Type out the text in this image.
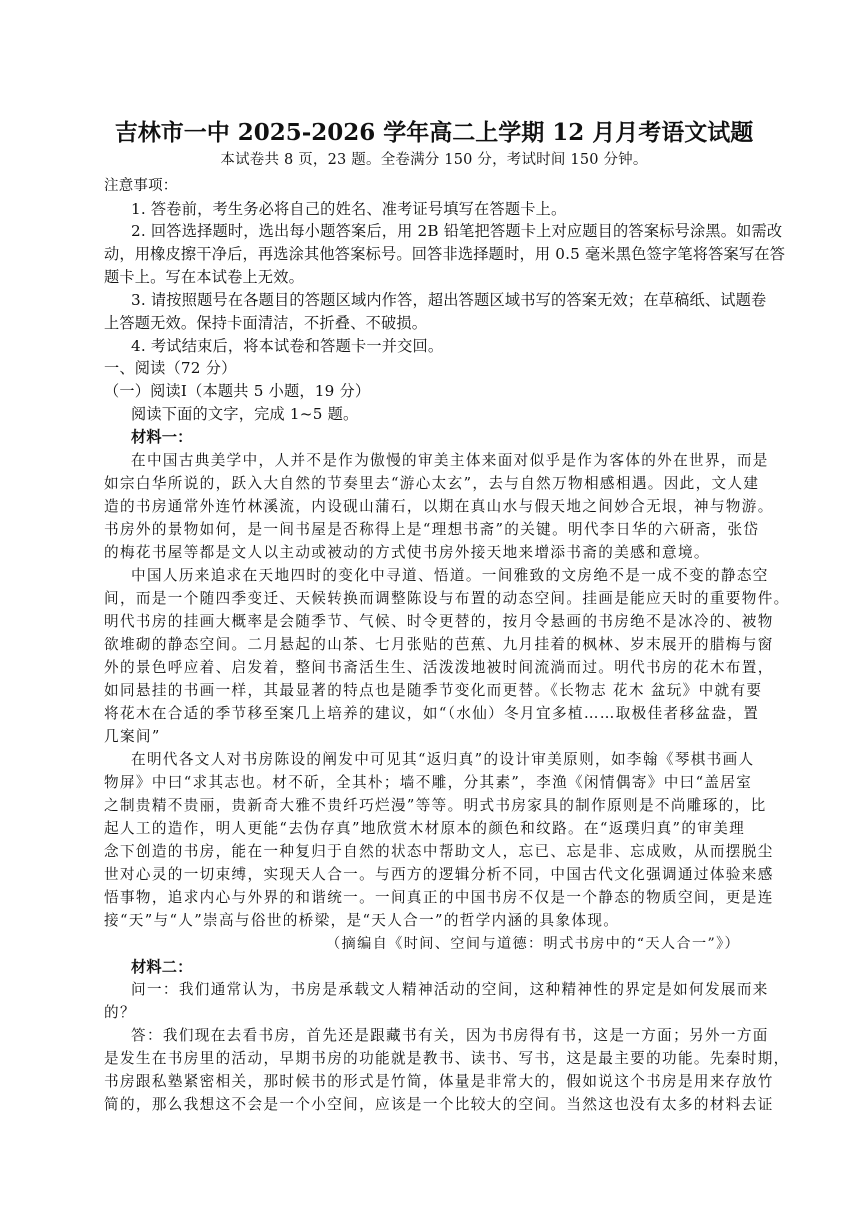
吉林市一中 2025-2026 学年高二上学期 12 月月考语文试题
本试卷共 8 页，23 题。全卷满分 150 分，考试时间 150 分钟。
注意事项：
1. 答卷前，考生务必将自己的姓名、准考证号填写在答题卡上。
2. 回答选择题时，选出每小题答案后，用 2B 铅笔把答题卡上对应题目的答案标号涂黑。如需改
动，用橡皮擦干净后，再选涂其他答案标号。回答非选择题时，用 0.5 毫米黑色签字笔将答案写在答
题卡上。写在本试卷上无效。
3. 请按照题号在各题目的答题区域内作答，超出答题区域书写的答案无效；在草稿纸、试题卷
上答题无效。保持卡面清洁，不折叠、不破损。
4. 考试结束后，将本试卷和答题卡一并交回。
一、阅读（72 分）
（一）阅读Ⅰ（本题共 5 小题，19 分）
阅读下面的文字，完成 1~5 题。
材料一：
在中国古典美学中，人并不是作为傲慢的审美主体来面对似乎是作为客体的外在世界，而是
如宗白华所说的，跃入大自然的节奏里去“游心太玄”，去与自然万物相感相遇。因此，文人建
造的书房通常外连竹林溪流，内设砚山蒲石，以期在真山水与假天地之间妙合无垠，神与物游。
书房外的景物如何，是一间书屋是否称得上是“理想书斋”的关键。明代李日华的六研斋，张岱
的梅花书屋等都是文人以主动或被动的方式使书房外接天地来增添书斋的美感和意境。
中国人历来追求在天地四时的变化中寻道、悟道。一间雅致的文房绝不是一成不变的静态空
间，而是一个随四季变迁、天候转换而调整陈设与布置的动态空间。挂画是能应天时的重要物件。
明代书房的挂画大概率是会随季节、气候、时令更替的，按月令悬画的书房绝不是冰冷的、被物
欲堆砌的静态空间。二月悬起的山茶、七月张贴的芭蕉、九月挂着的枫林、岁末展开的腊梅与窗
外的景色呼应着、启发着，整间书斋活生生、活泼泼地被时间流淌而过。明代书房的花木布置，
如同悬挂的书画一样，其最显著的特点也是随季节变化而更替。《长物志 花木 盆玩》中就有要
将花木在合适的季节移至案几上培养的建议，如“（水仙）冬月宜多植……取极佳者移盆盎，置
几案间”
在明代各文人对书房陈设的阐发中可见其“返归真”的设计审美原则，如李翰《琴棋书画人
物屏》中曰“求其志也。材不斫，全其朴；墙不雕，分其素”，李渔《闲情偶寄》中曰“盖居室
之制贵精不贵丽，贵新奇大雅不贵纤巧烂漫”等等。明式书房家具的制作原则是不尚雕琢的，比
起人工的造作，明人更能“去伪存真”地欣赏木材原本的颜色和纹路。在“返璞归真”的审美理
念下创造的书房，能在一种复归于自然的状态中帮助文人，忘已、忘是非、忘成败，从而摆脱尘
世对心灵的一切束缚，实现天人合一。与西方的逻辑分析不同，中国古代文化强调通过体验来感
悟事物，追求内心与外界的和谐统一。一间真正的中国书房不仅是一个静态的物质空间，更是连
接“天”与“人”崇高与俗世的桥梁，是“天人合一”的哲学内涵的具象体现。
（摘编自《时间、空间与道德：明式书房中的“天人合一”》）
材料二：
问一：我们通常认为，书房是承载文人精神活动的空间，这种精神性的界定是如何发展而来
的？
答：我们现在去看书房，首先还是跟藏书有关，因为书房得有书，这是一方面；另外一方面
是发生在书房里的活动，早期书房的功能就是教书、读书、写书，这是最主要的功能。先秦时期，
书房跟私塾紧密相关，那时候书的形式是竹简，体量是非常大的，假如说这个书房是用来存放竹
简的，那么我想这不会是一个小空间，应该是一个比较大的空间。当然这也没有太多的材料去证
